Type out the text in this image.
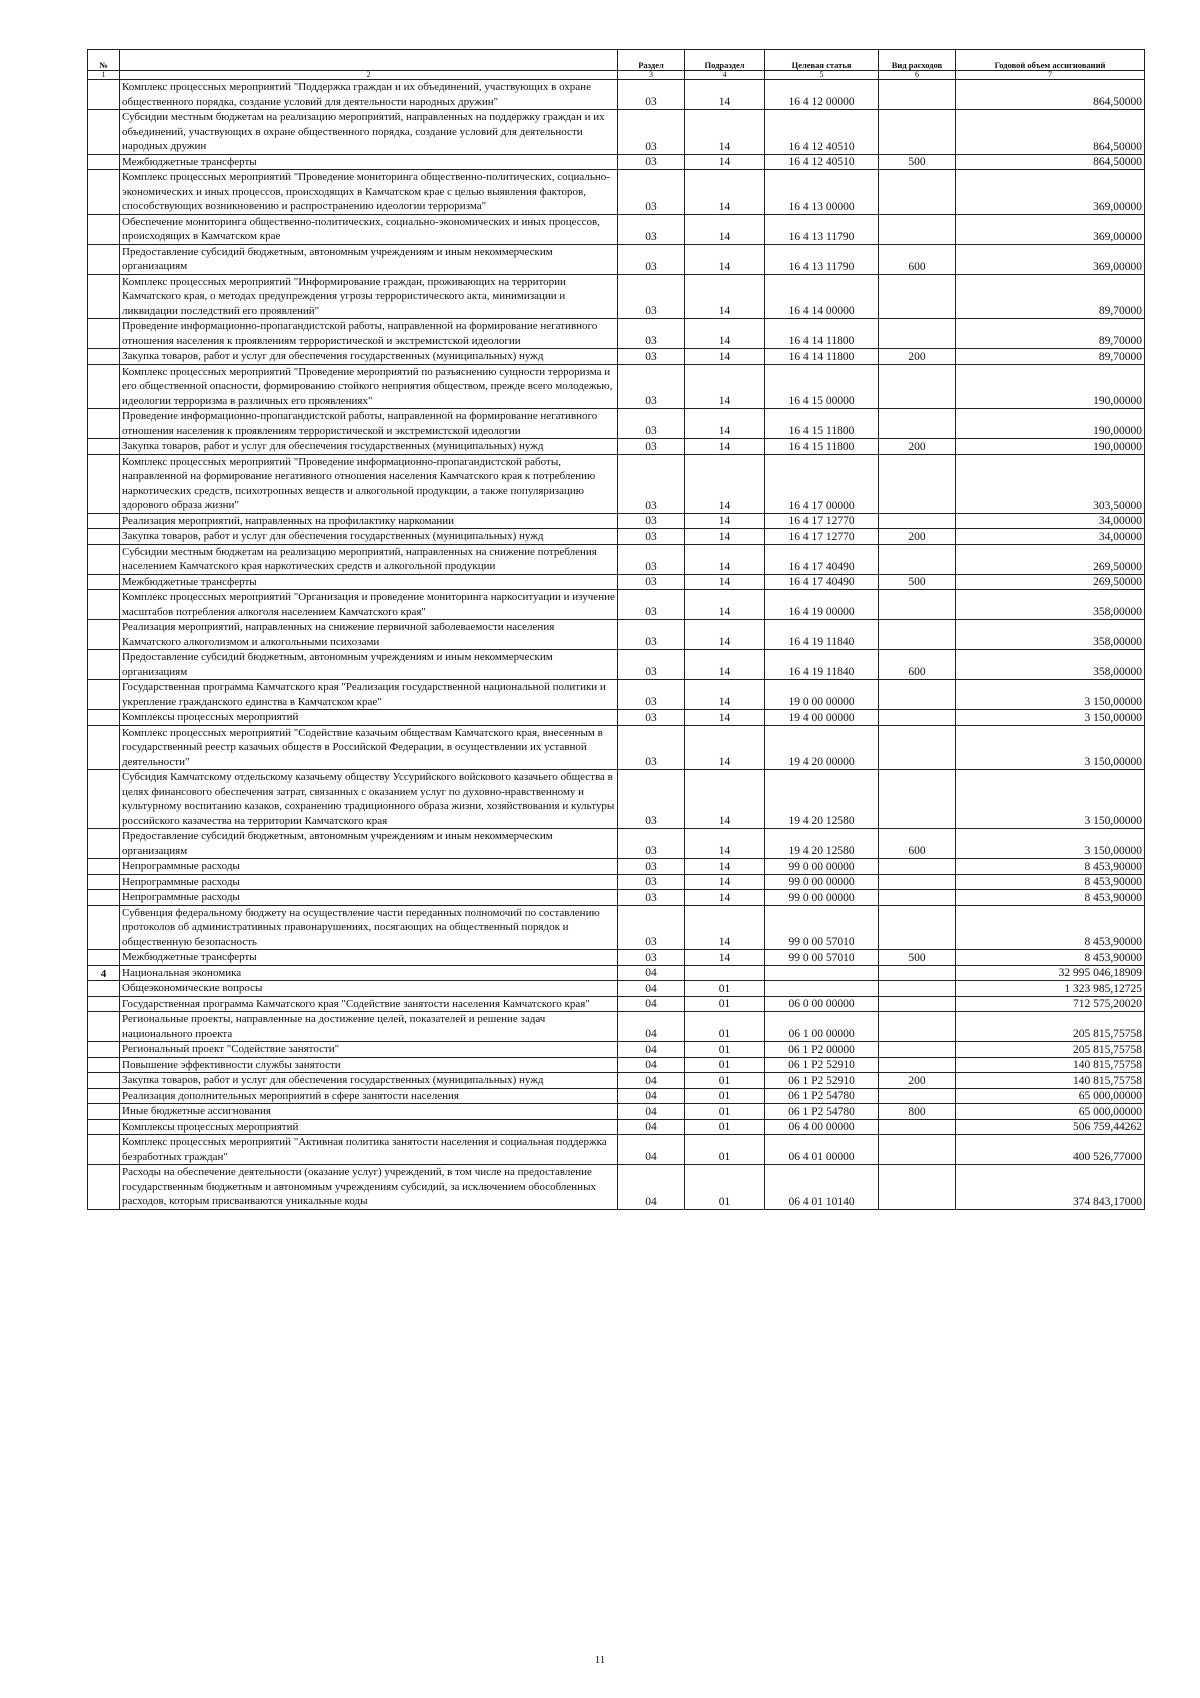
№		Раздел	Подраздел	Целевая статья	Вид расходов	Годовой объем ассигнований
1	2	3	4	5	6	7
	Комплекс процессных мероприятий "Поддержка граждан и их объединений, участвующих в охране общественного порядка, создание условий для деятельности народных дружин"	03	14	16 4 12 00000		864,50000
	Субсидии местным бюджетам на реализацию мероприятий, направленных на поддержку граждан и их объединений, участвующих в охране общественного порядка, создание условий для деятельности народных дружин	03	14	16 4 12 40510		864,50000
	Межбюджетные трансферты	03	14	16 4 12 40510	500	864,50000
	Комплекс процессных мероприятий "Проведение мониторинга общественно-политических, социально-экономических и иных процессов, происходящих в Камчатском крае с целью выявления факторов, способствующих возникновению и распространению идеологии терроризма"	03	14	16 4 13 00000		369,00000
	Обеспечение мониторинга общественно-политических, социально-экономических и иных процессов, происходящих в Камчатском крае	03	14	16 4 13 11790		369,00000
	Предоставление субсидий бюджетным, автономным учреждениям и иным некоммерческим организациям	03	14	16 4 13 11790	600	369,00000
	Комплекс процессных мероприятий "Информирование граждан, проживающих на территории Камчатского края, о методах предупреждения угрозы террористического акта, минимизации и ликвидации последствий его проявлений"	03	14	16 4 14 00000		89,70000
	Проведение информационно-пропагандистской работы, направленной на формирование негативного отношения населения к проявлениям террористической и экстремистской идеологии	03	14	16 4 14 11800		89,70000
	Закупка товаров, работ и услуг для обеспечения государственных (муниципальных) нужд	03	14	16 4 14 11800	200	89,70000
	Комплекс процессных мероприятий "Проведение мероприятий по разъяснению сущности терроризма и его общественной опасности, формированию стойкого неприятия обществом, прежде всего молодежью, идеологии терроризма в различных его проявлениях"	03	14	16 4 15 00000		190,00000
	Проведение информационно-пропагандистской работы, направленной на формирование негативного отношения населения к проявлениям террористической и экстремистской идеологии	03	14	16 4 15 11800		190,00000
	Закупка товаров, работ и услуг для обеспечения государственных (муниципальных) нужд	03	14	16 4 15 11800	200	190,00000
	Комплекс процессных мероприятий "Проведение информационно-пропагандистской работы, направленной на формирование негативного отношения населения Камчатского края к потреблению наркотических средств, психотропных веществ и алкогольной продукции, а также популяризацию здорового образа жизни"	03	14	16 4 17 00000		303,50000
	Реализация мероприятий, направленных на профилактику наркомании	03	14	16 4 17 12770		34,00000
	Закупка товаров, работ и услуг для обеспечения государственных (муниципальных) нужд	03	14	16 4 17 12770	200	34,00000
	Субсидии местным бюджетам на реализацию мероприятий, направленных на снижение потребления населением Камчатского края наркотических средств и алкогольной продукции	03	14	16 4 17 40490		269,50000
	Межбюджетные трансферты	03	14	16 4 17 40490	500	269,50000
	Комплекс процессных мероприятий "Организация и проведение мониторинга наркоситуации и изучение масштабов потребления алкоголя населением Камчатского края"	03	14	16 4 19 00000		358,00000
	Реализация мероприятий, направленных на снижение первичной заболеваемости населения Камчатского алкоголизмом и алкогольными психозами	03	14	16 4 19 11840		358,00000
	Предоставление субсидий бюджетным, автономным учреждениям и иным некоммерческим организациям	03	14	16 4 19 11840	600	358,00000
	Государственная программа Камчатского края "Реализация государственной национальной политики и укрепление гражданского единства в Камчатском крае"	03	14	19 0 00 00000		3 150,00000
	Комплексы процессных мероприятий	03	14	19 4 00 00000		3 150,00000
	Комплекс процессных мероприятий "Содействие казачьим обществам Камчатского края, внесенным в государственный реестр казачьих обществ в Российской Федерации, в осуществлении их уставной деятельности"	03	14	19 4 20 00000		3 150,00000
	Субсидия Камчатскому отдельскому казачьему обществу Уссурийского войскового казачьего общества в целях финансового обеспечения затрат, связанных с оказанием услуг по духовно-нравственному и культурному воспитанию казаков, сохранению традиционного образа жизни, хозяйствования и культуры российского казачества на территории Камчатского края	03	14	19 4 20 12580		3 150,00000
	Предоставление субсидий бюджетным, автономным учреждениям и иным некоммерческим организациям	03	14	19 4 20 12580	600	3 150,00000
	Непрограммные расходы	03	14	99 0 00 00000		8 453,90000
	Непрограммные расходы	03	14	99 0 00 00000		8 453,90000
	Непрограммные расходы	03	14	99 0 00 00000		8 453,90000
	Субвенция федеральному бюджету на осуществление части переданных полномочий по составлению протоколов об административных правонарушениях, посягающих на общественный порядок и общественную безопасность	03	14	99 0 00 57010		8 453,90000
	Межбюджетные трансферты	03	14	99 0 00 57010	500	8 453,90000
4	Национальная экономика	04				32 995 046,18909
	Общеэкономические вопросы	04	01			1 323 985,12725
	Государственная программа Камчатского края "Содействие занятости населения Камчатского края"	04	01	06 0 00 00000		712 575,20020
	Региональные проекты, направленные на достижение целей, показателей и решение задач национального проекта	04	01	06 1 00 00000		205 815,75758
	Региональный проект "Содействие занятости"	04	01	06 1 P2 00000		205 815,75758
	Повышение эффективности службы занятости	04	01	06 1 P2 52910		140 815,75758
	Закупка товаров, работ и услуг для обеспечения государственных (муниципальных) нужд	04	01	06 1 P2 52910	200	140 815,75758
	Реализация дополнительных мероприятий в сфере занятости населения	04	01	06 1 P2 54780		65 000,00000
	Иные бюджетные ассигнования	04	01	06 1 P2 54780	800	65 000,00000
	Комплексы процессных мероприятий	04	01	06 4 00 00000		506 759,44262
	Комплекс процессных мероприятий "Активная политика занятости населения и социальная поддержка безработных граждан"	04	01	06 4 01 00000		400 526,77000
	Расходы на обеспечение деятельности (оказание услуг) учреждений, в том числе на предоставление государственным бюджетным и автономным учреждениям субсидий, за исключением обособленных расходов, которым присваиваются уникальные коды	04	01	06 4 01 10140		374 843,17000
11
